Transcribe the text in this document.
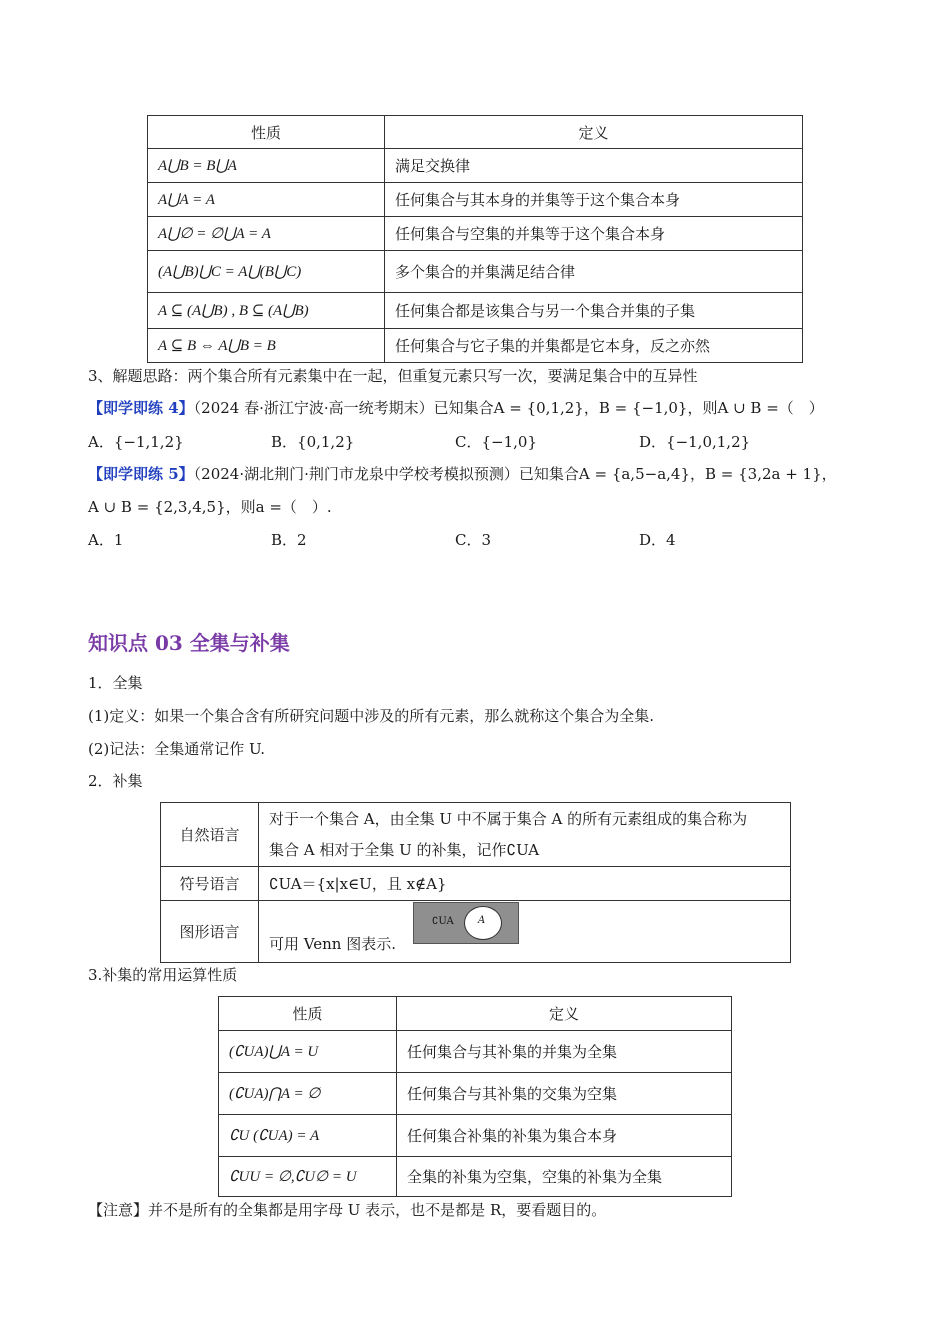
性质	定义
A⋃B = B⋃A	满足交换律
A⋃A = A	任何集合与其本身的并集等于这个集合本身
A⋃∅ = ∅⋃A = A	任何集合与空集的并集等于这个集合本身
(A⋃B)⋃C = A⋃(B⋃C)	多个集合的并集满足结合律
A ⊆ (A⋃B) , B ⊆ (A⋃B)	任何集合都是该集合与另一个集合并集的子集
A ⊆ B ⇔ A⋃B = B	任何集合与它子集的并集都是它本身，反之亦然
3、解题思路：两个集合所有元素集中在一起，但重复元素只写一次，要满足集合中的互异性
【即学即练 4】（2024 春·浙江宁波·高一统考期末）已知集合A = {0,1,2}，B = {−1,0}，则A ∪ B =（　）
A．{−1,1,2}	B．{0,1,2}	C．{−1,0}	D．{−1,0,1,2}
【即学即练 5】（2024·湖北荆门·荆门市龙泉中学校考模拟预测）已知集合A = {a,5−a,4}，B = {3,2a + 1}，
A ∪ B = {2,3,4,5}，则a =（　）.
A．1	B．2	C．3	D．4
知识点 03 全集与补集
1．全集
(1)定义：如果一个集合含有所研究问题中涉及的所有元素，那么就称这个集合为全集.
(2)记法：全集通常记作 U.
2．补集
自然语言	对于一个集合 A，由全集 U 中不属于集合 A 的所有元素组成的集合称为
集合 A 相对于全集 U 的补集，记作∁UA

符号语言	∁UA＝{x|x∈U，且 x∉A}
图形语言	可用 Venn 图表示.
∁UA A
3.补集的常用运算性质
性质	定义
(∁UA)⋃A = U	任何集合与其补集的并集为全集
(∁UA)⋂A = ∅	任何集合与其补集的交集为空集
∁U (∁UA) = A	任何集合补集的补集为集合本身
∁UU = ∅,∁U∅ = U	全集的补集为空集，空集的补集为全集
【注意】并不是所有的全集都是用字母 U 表示，也不是都是 R，要看题目的。
